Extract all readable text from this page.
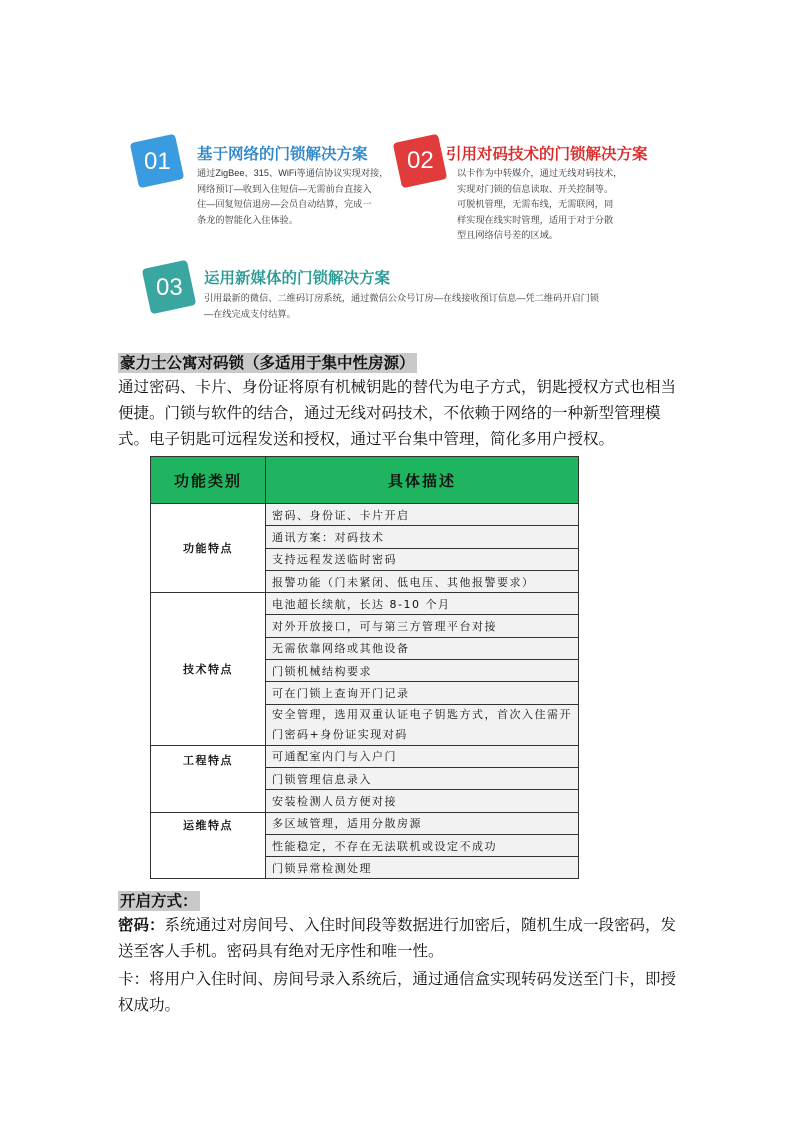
01 基于网络的门锁解决方案
通过ZigBee、315、WiFi等通信协议实现对接，
网络预订—收到入住短信—无需前台直接入
住—回复短信退房—会员自动结算，完成一
条龙的智能化入住体验。
02 引用对码技术的门锁解决方案
以卡作为中转媒介，通过无线对码技术，
实现对门锁的信息读取、开关控制等。
可脱机管理，无需布线，无需联网，同
样实现在线实时管理，适用于对于分散
型且网络信号差的区域。
03 运用新媒体的门锁解决方案
引用最新的微信、二维码订房系统，通过微信公众号订房—在线接收预订信息—凭二维码开启门锁
—在线完成支付结算。
豪力士公寓对码锁（多适用于集中性房源）
通过密码、卡片、身份证将原有机械钥匙的替代为电子方式，钥匙授权方式也相当便捷。门锁与软件的结合，通过无线对码技术，不依赖于网络的一种新型管理模式。电子钥匙可远程发送和授权，通过平台集中管理，简化多用户授权。
功能类别	具体描述
功能特点	密码、身份证、卡片开启
	通讯方案：对码技术
	支持远程发送临时密码
	报警功能（门未紧闭、低电压、其他报警要求）
技术特点	电池超长续航，长达 8-10 个月
	对外开放接口，可与第三方管理平台对接
	无需依靠网络或其他设备
	门锁机械结构要求
	可在门锁上查询开门记录
	安全管理，选用双重认证电子钥匙方式，首次入住需开门密码+身份证实现对码
工程特点	可通配室内门与入户门
	门锁管理信息录入
	安装检测人员方便对接
运维特点	多区域管理，适用分散房源
	性能稳定，不存在无法联机或设定不成功
	门锁异常检测处理
开启方式：
密码：系统通过对房间号、入住时间段等数据进行加密后，随机生成一段密码，发送至客人手机。密码具有绝对无序性和唯一性。
卡：将用户入住时间、房间号录入系统后，通过通信盒实现转码发送至门卡，即授权成功。
